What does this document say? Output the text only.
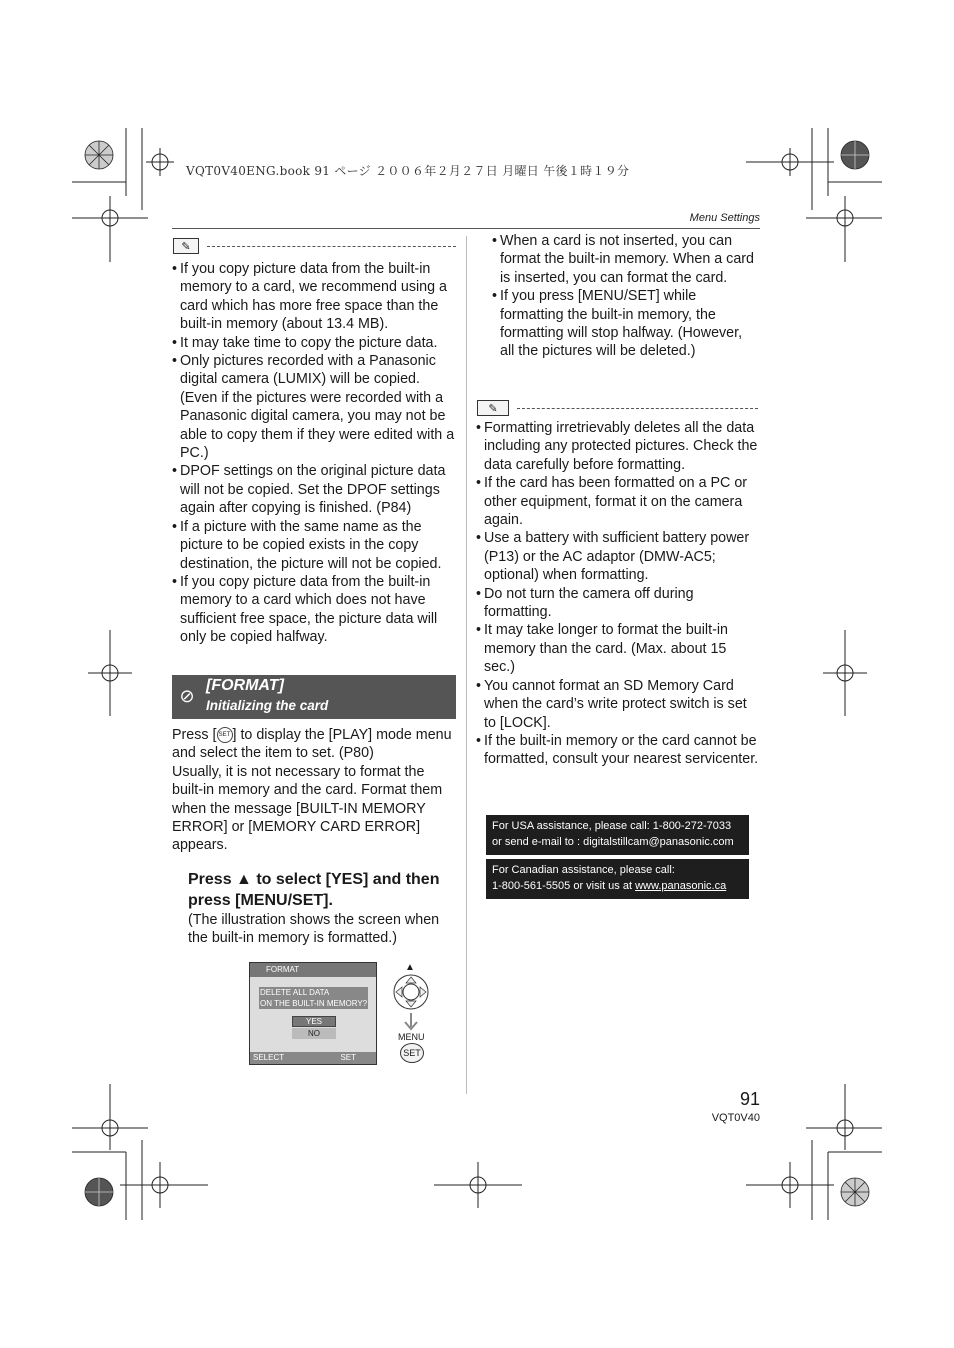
VQT0V40ENG.book 91 ページ ２００６年２月２７日 月曜日 午後１時１９分
Menu Settings
✎
• If you copy picture data from the built-in memory to a card, we recommend using a card which has more free space than the built-in memory (about 13.4 MB).
• It may take time to copy the picture data.
• Only pictures recorded with a Panasonic digital camera (LUMIX) will be copied. (Even if the pictures were recorded with a Panasonic digital camera, you may not be able to copy them if they were edited with a PC.)
• DPOF settings on the original picture data will not be copied. Set the DPOF settings again after copying is finished. (P84)
• If a picture with the same name as the picture to be copied exists in the copy destination, the picture will not be copied.
• If you copy picture data from the built-in memory to a card which does not have sufficient free space, the picture data will only be copied halfway.
⊘
[FORMAT]
Initializing the card
Press [ SET ] to display the [PLAY] mode menu and select the item to set. (P80)
Usually, it is not necessary to format the built-in memory and the card. Format them when the message [BUILT-IN MEMORY ERROR] or [MEMORY CARD ERROR] appears.
Press ▲ to select [YES] and then press [MENU/SET].
(The illustration shows the screen when the built-in memory is formatted.)
FORMAT
DELETE ALL DATA
ON THE BUILT-IN MEMORY?
YES
NO
SELECT	SET
▲
MENU
SET
• When a card is not inserted, you can format the built-in memory. When a card is inserted, you can format the card.
• If you press [MENU/SET] while formatting the built-in memory, the formatting will stop halfway. (However, all the pictures will be deleted.)
✎
• Formatting irretrievably deletes all the data including any protected pictures. Check the data carefully before formatting.
• If the card has been formatted on a PC or other equipment, format it on the camera again.
• Use a battery with sufficient battery power (P13) or the AC adaptor (DMW-AC5; optional) when formatting.
• Do not turn the camera off during formatting.
• It may take longer to format the built-in memory than the card. (Max. about 15 sec.)
• You cannot format an SD Memory Card when the card’s write protect switch is set to [LOCK].
• If the built-in memory or the card cannot be formatted, consult your nearest servicenter.
For USA assistance, please call: 1-800-272-7033
or send e-mail to : digitalstillcam@panasonic.com
For Canadian assistance, please call:
1-800-561-5505 or visit us at www.panasonic.ca
91
VQT0V40
